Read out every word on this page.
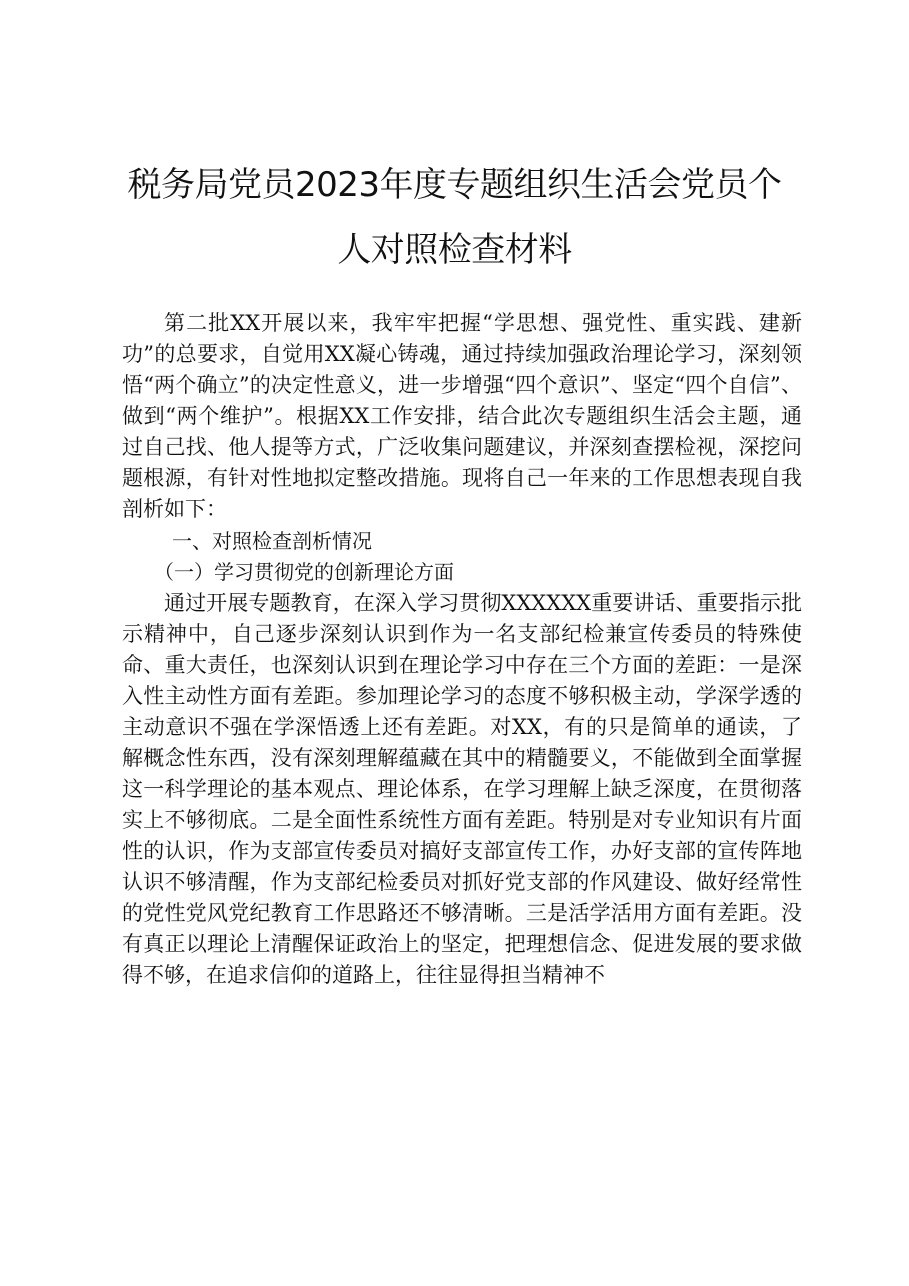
税务局党员2023年度专题组织生活会党员个
人对照检查材料

第二批XX开展以来，我牢牢把握“学思想、强党性、重实践、建新功”的总要求，自觉用XX凝心铸魂，通过持续加强政治理论学习，深刻领悟“两个确立”的决定性意义，进一步增强“四个意识”、坚定“四个自信”、做到“两个维护”。根据XX工作安排，结合此次专题组织生活会主题，通过自己找、他人提等方式，广泛收集问题建议，并深刻查摆检视，深挖问题根源，有针对性地拟定整改措施。现将自己一年来的工作思想表现自我剖析如下：

一、对照检查剖析情况

（一）学习贯彻党的创新理论方面

通过开展专题教育，在深入学习贯彻XXXXXX重要讲话、重要指示批示精神中，自己逐步深刻认识到作为一名支部纪检兼宣传委员的特殊使命、重大责任，也深刻认识到在理论学习中存在三个方面的差距：一是深入性主动性方面有差距。参加理论学习的态度不够积极主动，学深学透的主动意识不强在学深悟透上还有差距。对XX，有的只是简单的通读，了解概念性东西，没有深刻理解蕴藏在其中的精髓要义，不能做到全面掌握这一科学理论的基本观点、理论体系，在学习理解上缺乏深度，在贯彻落实上不够彻底。二是全面性系统性方面有差距。特别是对专业知识有片面性的认识，作为支部宣传委员对搞好支部宣传工作，办好支部的宣传阵地认识不够清醒，作为支部纪检委员对抓好党支部的作风建设、做好经常性的党性党风党纪教育工作思路还不够清晰。三是活学活用方面有差距。没有真正以理论上清醒保证政治上的坚定，把理想信念、促进发展的要求做得不够，在追求信仰的道路上，往往显得担当精神不
